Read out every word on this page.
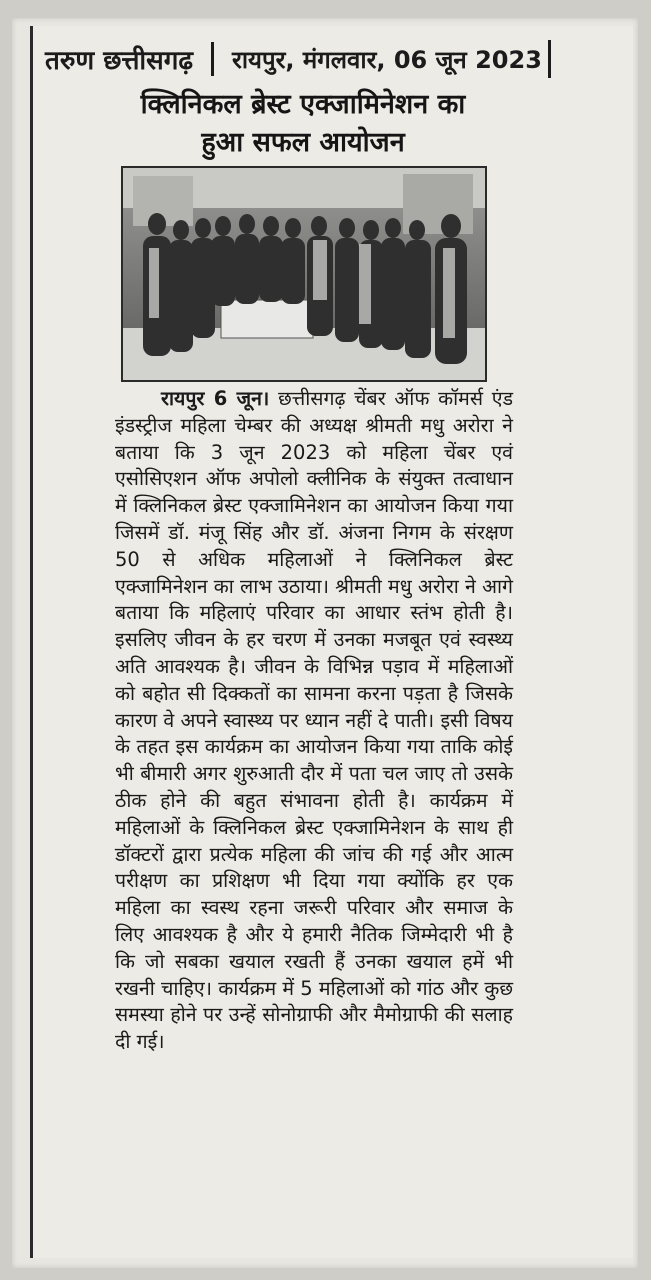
तरुण छत्तीसगढ़ रायपुर, मंगलवार, 06 जून 2023
क्लिनिकल ब्रेस्ट एक्जामिनेशन का
हुआ सफल आयोजन

रायपुर 6 जून। छत्तीसगढ़ चेंबर ऑफ कॉमर्स एंड इंडस्ट्रीज महिला चेम्बर की अध्यक्ष श्रीमती मधु अरोरा ने बताया कि 3 जून 2023 को महिला चेंबर एवं एसोसिएशन ऑफ अपोलो क्लीनिक के संयुक्त तत्वाधान में क्लिनिकल ब्रेस्ट एक्जामिनेशन का आयोजन किया गया जिसमें डॉ. मंजू सिंह और डॉ. अंजना निगम के संरक्षण 50 से अधिक महिलाओं ने क्लिनिकल ब्रेस्ट एक्जामिनेशन का लाभ उठाया। श्रीमती मधु अरोरा ने आगे बताया कि महिलाएं परिवार का आधार स्तंभ होती है। इसलिए जीवन के हर चरण में उनका मजबूत एवं स्वस्थ्य अति आवश्यक है। जीवन के विभिन्न पड़ाव में महिलाओं को बहोत सी दिक्कतों का सामना करना पड़ता है जिसके कारण वे अपने स्वास्थ्य पर ध्यान नहीं दे पाती। इसी विषय के तहत इस कार्यक्रम का आयोजन किया गया ताकि कोई भी बीमारी अगर शुरुआती दौर में पता चल जाए तो उसके ठीक होने की बहुत संभावना होती है। कार्यक्रम में महिलाओं के क्लिनिकल ब्रेस्ट एक्जामिनेशन के साथ ही डॉक्टरों द्वारा प्रत्येक महिला की जांच की गई और आत्म परीक्षण का प्रशिक्षण भी दिया गया क्योंकि हर एक महिला का स्वस्थ रहना जरूरी परिवार और समाज के लिए आवश्यक है और ये हमारी नैतिक जिम्मेदारी भी है कि जो सबका खयाल रखती हैं उनका खयाल हमें भी रखनी चाहिए। कार्यक्रम में 5 महिलाओं को गांठ और कुछ समस्या होने पर उन्हें सोनोग्राफी और मैमोग्राफी की सलाह दी गई।
